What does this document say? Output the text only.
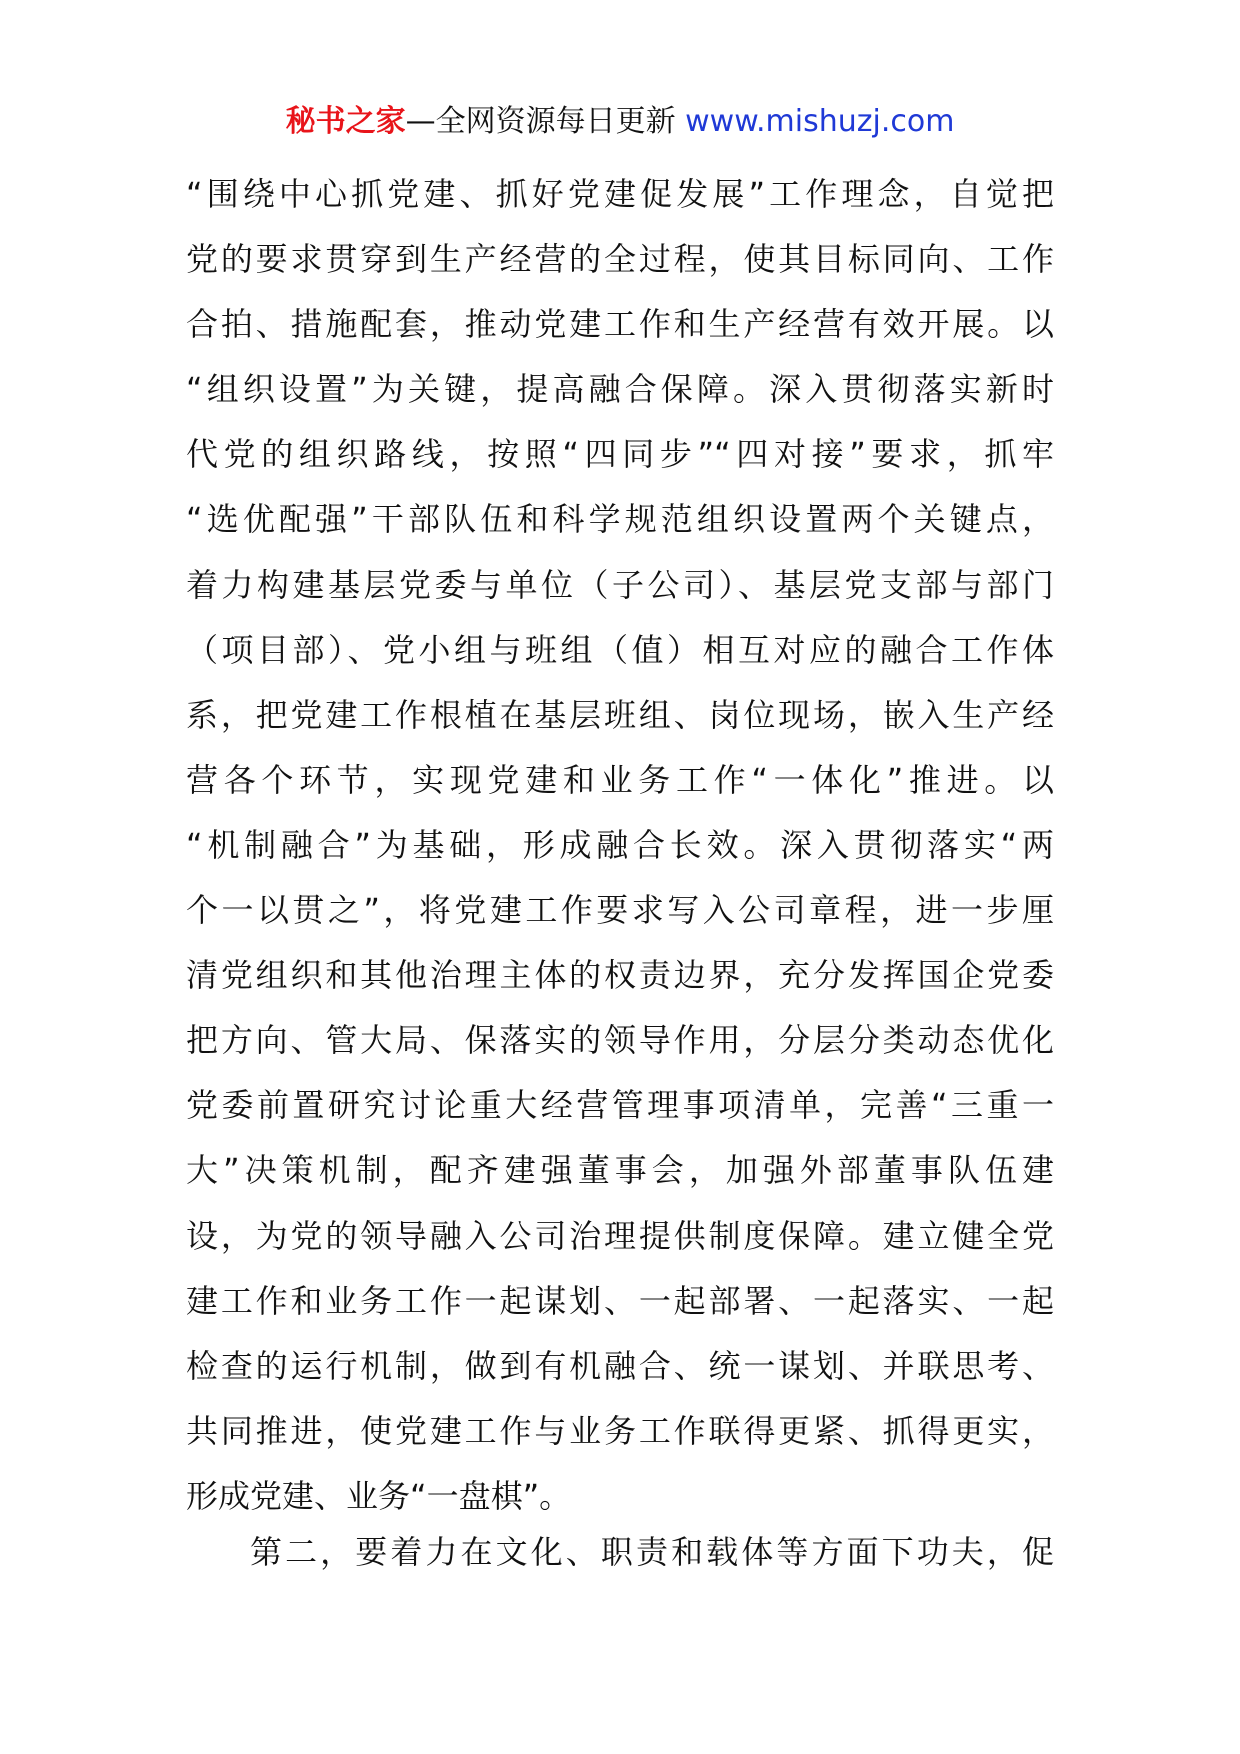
秘书之家—全网资源每日更新 www.mishuzj.com
“围绕中心抓党建、抓好党建促发展”工作理念，自觉把
党的要求贯穿到生产经营的全过程，使其目标同向、工作
合拍、措施配套，推动党建工作和生产经营有效开展。以
“组织设置”为关键，提高融合保障。深入贯彻落实新时
代党的组织路线，按照“四同步”“四对接”要求，抓牢
“选优配强”干部队伍和科学规范组织设置两个关键点，
着力构建基层党委与单位（子公司）、基层党支部与部门
（项目部）、党小组与班组（值）相互对应的融合工作体
系，把党建工作根植在基层班组、岗位现场，嵌入生产经
营各个环节，实现党建和业务工作“一体化”推进。以
“机制融合”为基础，形成融合长效。深入贯彻落实“两
个一以贯之”，将党建工作要求写入公司章程，进一步厘
清党组织和其他治理主体的权责边界，充分发挥国企党委
把方向、管大局、保落实的领导作用，分层分类动态优化
党委前置研究讨论重大经营管理事项清单，完善“三重一
大”决策机制，配齐建强董事会，加强外部董事队伍建
设，为党的领导融入公司治理提供制度保障。建立健全党
建工作和业务工作一起谋划、一起部署、一起落实、一起
检查的运行机制，做到有机融合、统一谋划、并联思考、
共同推进，使党建工作与业务工作联得更紧、抓得更实，
形成党建、业务“一盘棋”。
第二，要着力在文化、职责和载体等方面下功夫，促
